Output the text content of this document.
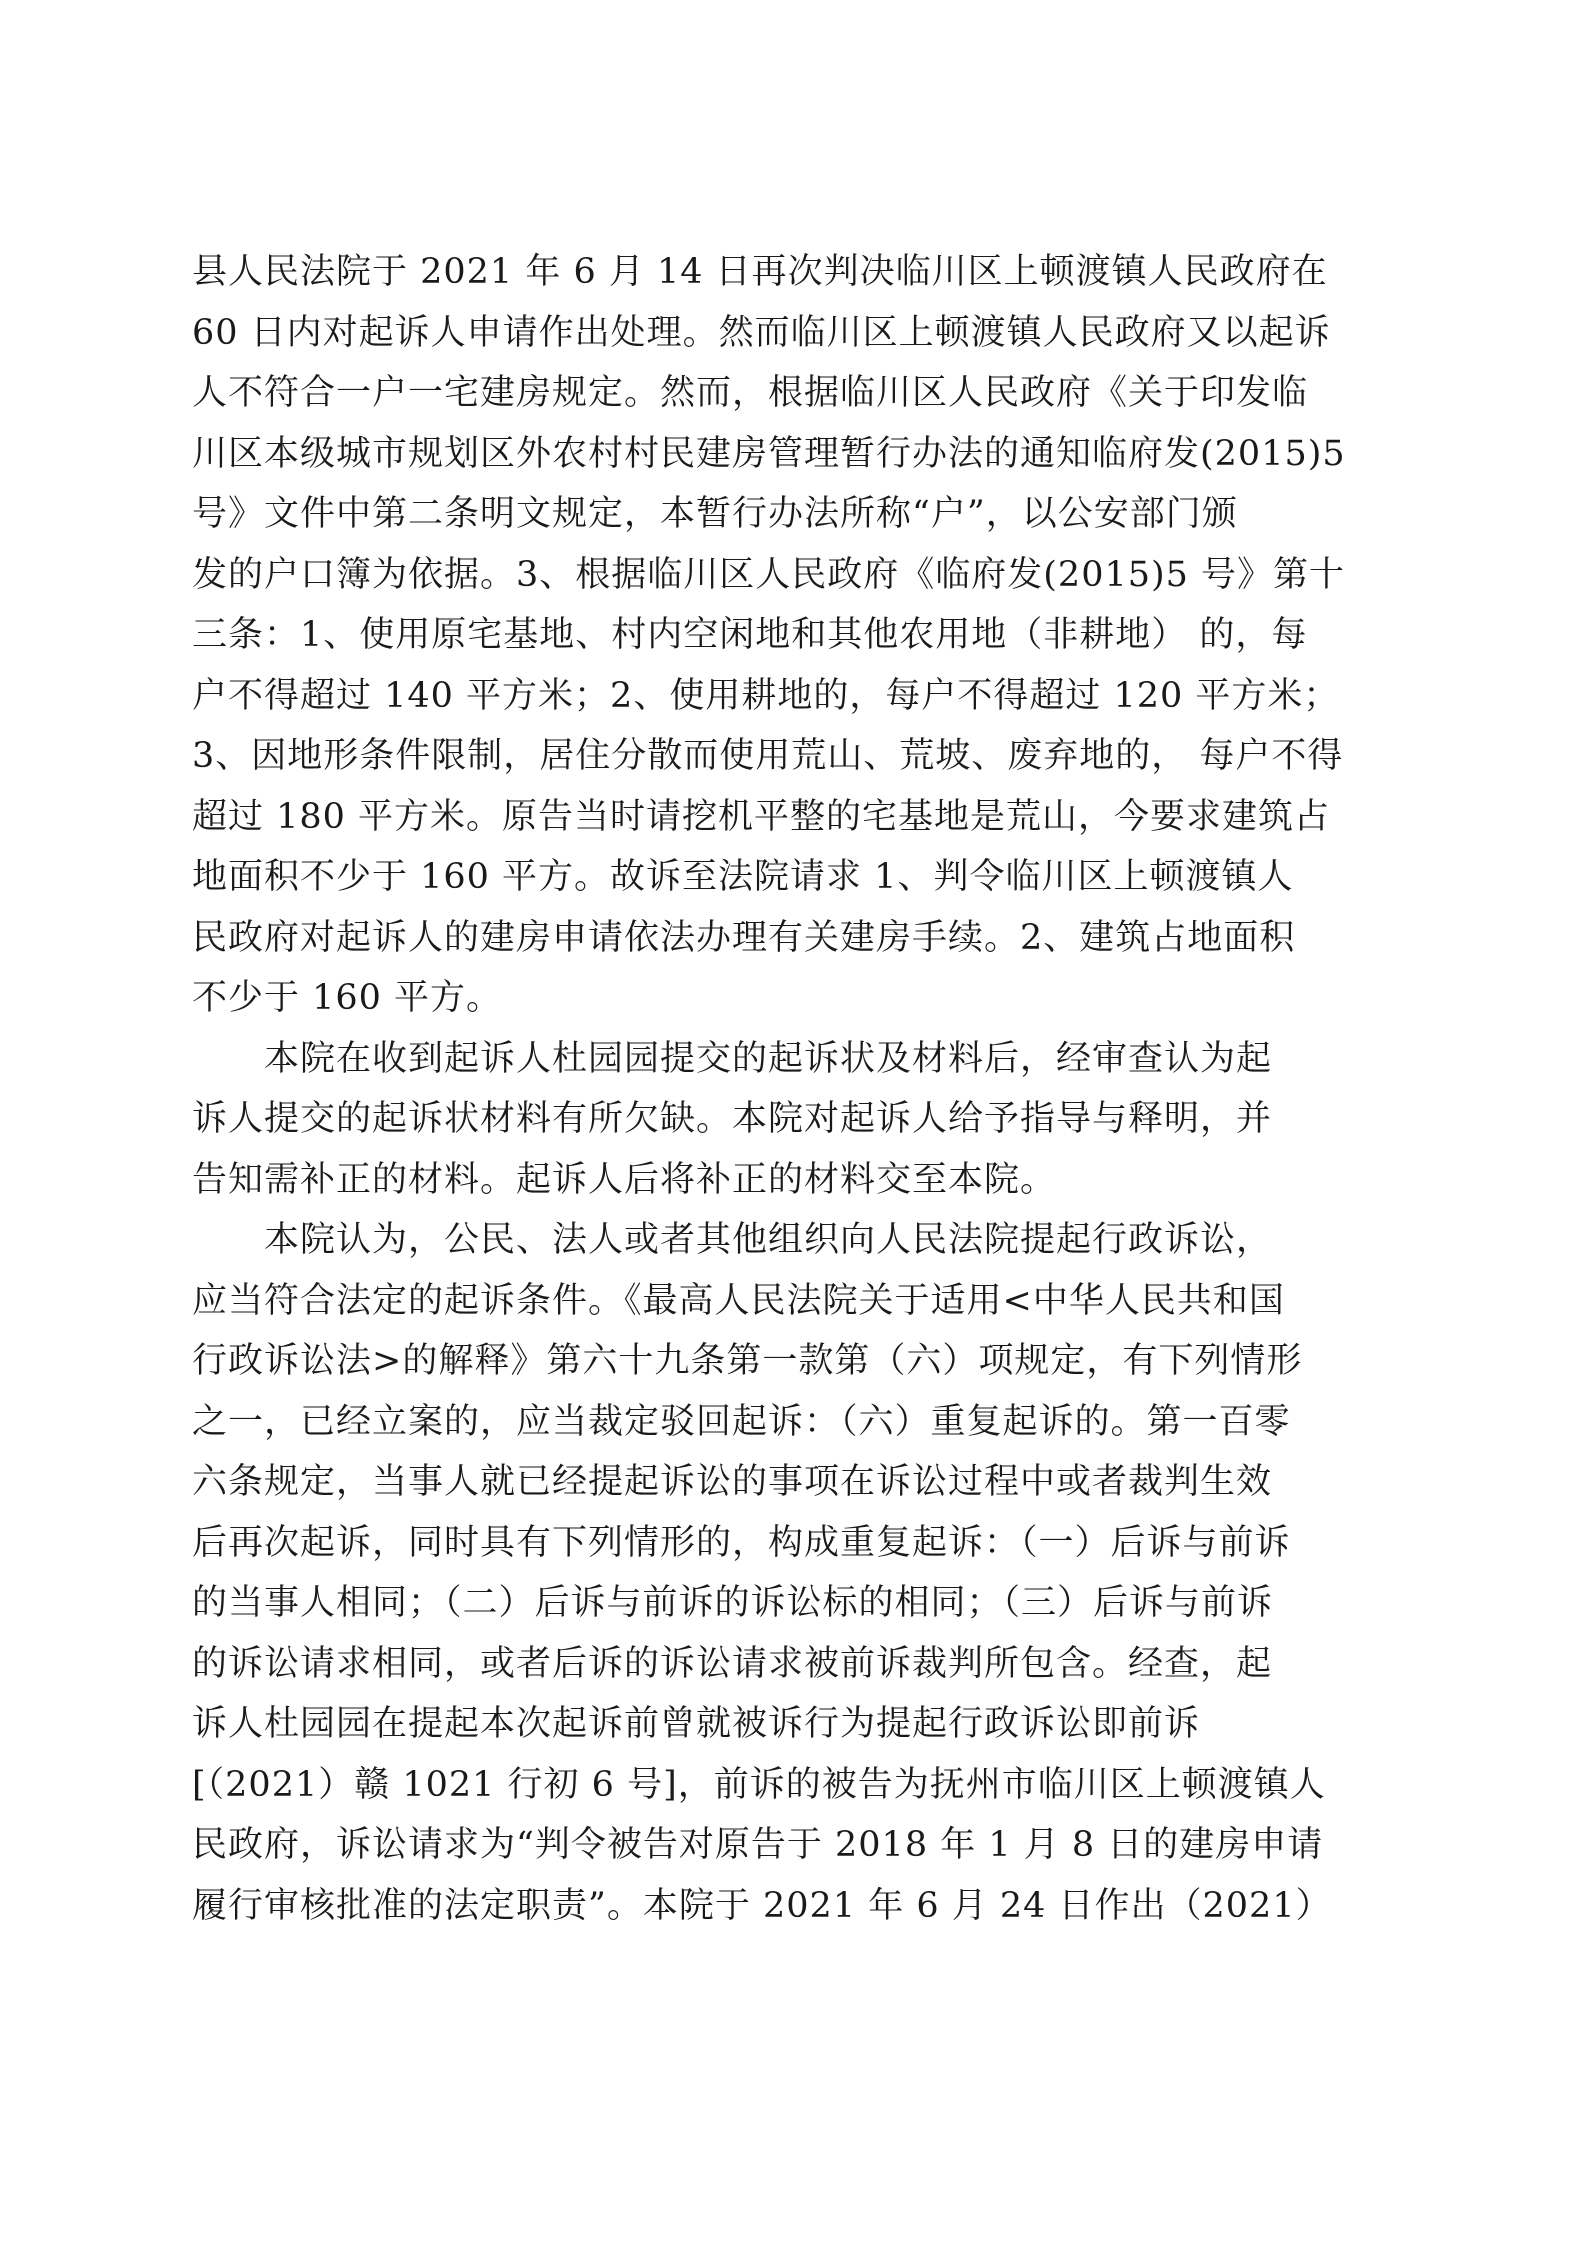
县人民法院于 2021 年 6 月 14 日再次判决临川区上顿渡镇人民政府在
60 日内对起诉人申请作出处理。然而临川区上顿渡镇人民政府又以起诉
人不符合一户一宅建房规定。然而，根据临川区人民政府《关于印发临
川区本级城市规划区外农村村民建房管理暂行办法的通知临府发(2015)5
号》文件中第二条明文规定，本暂行办法所称“户”，以公安部门颁
发的户口簿为依据。3、根据临川区人民政府《临府发(2015)5 号》第十
三条：1、使用原宅基地、村内空闲地和其他农用地（非耕地） 的，每
户不得超过 140 平方米；2、使用耕地的，每户不得超过 120 平方米；
3、因地形条件限制，居住分散而使用荒山、荒坡、废弃地的， 每户不得
超过 180 平方米。原告当时请挖机平整的宅基地是荒山，今要求建筑占
地面积不少于 160 平方。故诉至法院请求 1、判令临川区上顿渡镇人
民政府对起诉人的建房申请依法办理有关建房手续。2、建筑占地面积
不少于 160 平方。
本院在收到起诉人杜园园提交的起诉状及材料后，经审查认为起
诉人提交的起诉状材料有所欠缺。本院对起诉人给予指导与释明，并
告知需补正的材料。起诉人后将补正的材料交至本院。
本院认为，公民、法人或者其他组织向人民法院提起行政诉讼，
应当符合法定的起诉条件。《最高人民法院关于适用<中华人民共和国
行政诉讼法>的解释》第六十九条第一款第（六）项规定，有下列情形
之一，已经立案的，应当裁定驳回起诉：（六）重复起诉的。第一百零
六条规定，当事人就已经提起诉讼的事项在诉讼过程中或者裁判生效
后再次起诉，同时具有下列情形的，构成重复起诉：（一）后诉与前诉
的当事人相同；（二）后诉与前诉的诉讼标的相同；（三）后诉与前诉
的诉讼请求相同，或者后诉的诉讼请求被前诉裁判所包含。经查，起
诉人杜园园在提起本次起诉前曾就被诉行为提起行政诉讼即前诉
[（2021）赣 1021 行初 6 号]，前诉的被告为抚州市临川区上顿渡镇人
民政府，诉讼请求为“判令被告对原告于 2018 年 1 月 8 日的建房申请
履行审核批准的法定职责”。本院于 2021 年 6 月 24 日作出（2021）
